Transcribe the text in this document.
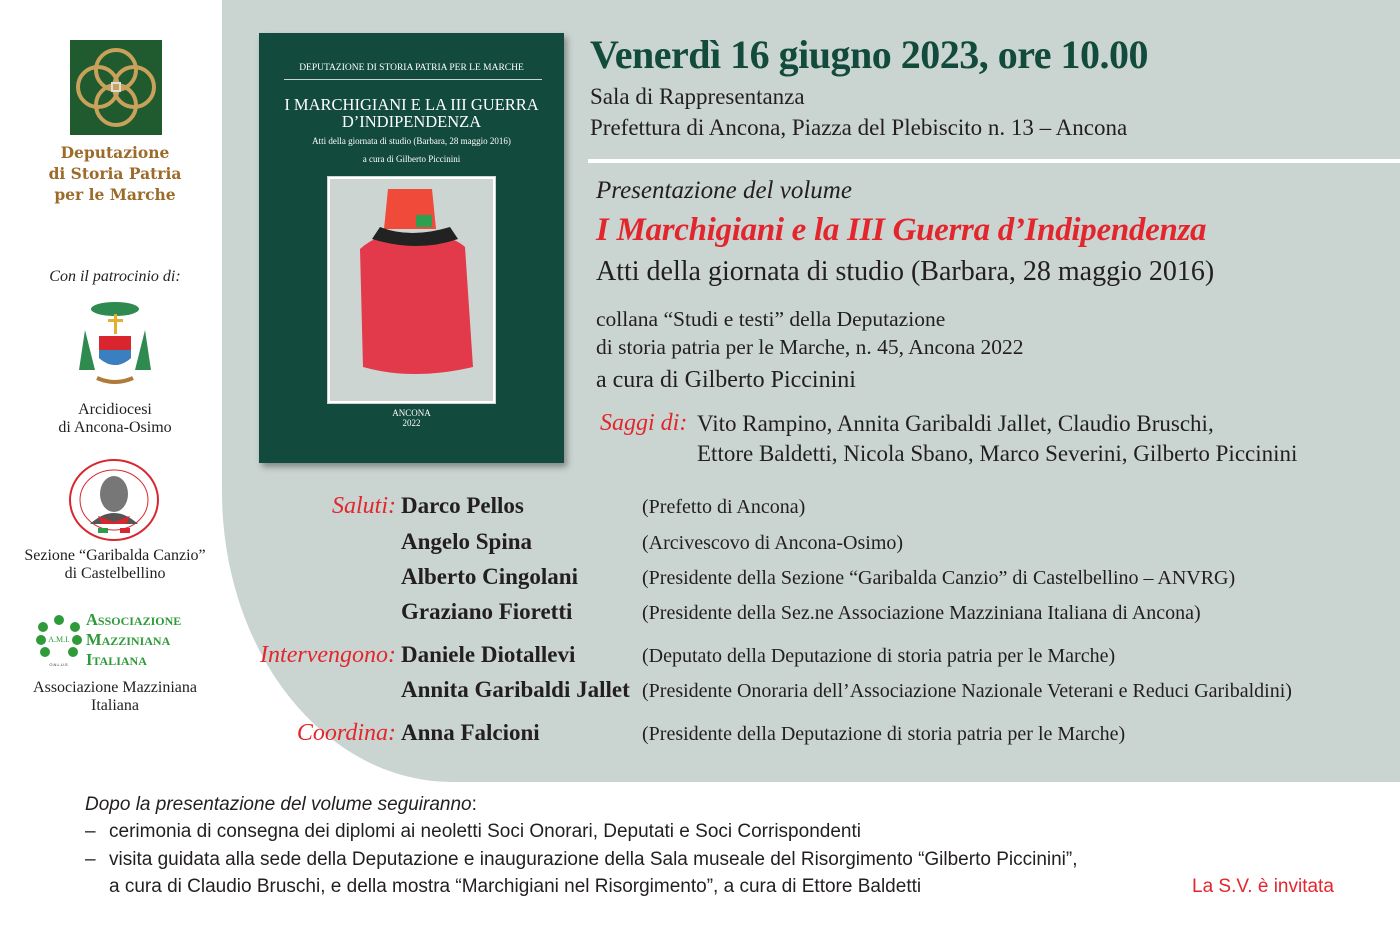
Deputazione
di Storia Patria
per le Marche
Con il patrocinio di:
Arcidiocesi
di Ancona-Osimo
Sezione “Garibalda Canzio”
di Castelbellino
A.M.I.
O.N.L.U.S.
Associazione
Mazziniana
Italiana
Associazione Mazziniana
Italiana
DEPUTAZIONE DI STORIA PATRIA PER LE MARCHE
I MARCHIGIANI E LA III GUERRA
D’INDIPENDENZA
Atti della giornata di studio (Barbara, 28 maggio 2016)
a cura di Gilberto Piccinini
ANCONA
2022
Venerdì 16 giugno 2023, ore 10.00
Sala di Rappresentanza
Prefettura di Ancona, Piazza del Plebiscito n. 13 – Ancona
Presentazione del volume
I Marchigiani e la III Guerra d’Indipendenza
Atti della giornata di studio (Barbara, 28 maggio 2016)
collana “Studi e testi” della Deputazione
di storia patria per le Marche, n. 45, Ancona 2022
a cura di Gilberto Piccinini
Saggi di: Vito Rampino, Annita Garibaldi Jallet, Claudio Bruschi,
Ettore Baldetti, Nicola Sbano, Marco Severini, Gilberto Piccinini
Saluti: Darco Pellos	(Prefetto di Ancona)
Angelo Spina	(Arcivescovo di Ancona-Osimo)
Alberto Cingolani	(Presidente della Sezione “Garibalda Canzio” di Castelbellino – ANVRG)
Graziano Fioretti	(Presidente della Sez.ne Associazione Mazziniana Italiana di Ancona)
Intervengono: Daniele Diotallevi	(Deputato della Deputazione di storia patria per le Marche)
Annita Garibaldi Jallet (Presidente Onoraria dell’Associazione Nazionale Veterani e Reduci Garibaldini)
Coordina: Anna Falcioni	(Presidente della Deputazione di storia patria per le Marche)
Dopo la presentazione del volume seguiranno:
– cerimonia di consegna dei diplomi ai neoletti Soci Onorari, Deputati e Soci Corrispondenti
– visita guidata alla sede della Deputazione e inaugurazione della Sala museale del Risorgimento “Gilberto Piccinini”,
a cura di Claudio Bruschi, e della mostra “Marchigiani nel Risorgimento”, a cura di Ettore Baldetti	La S.V. è invitata
